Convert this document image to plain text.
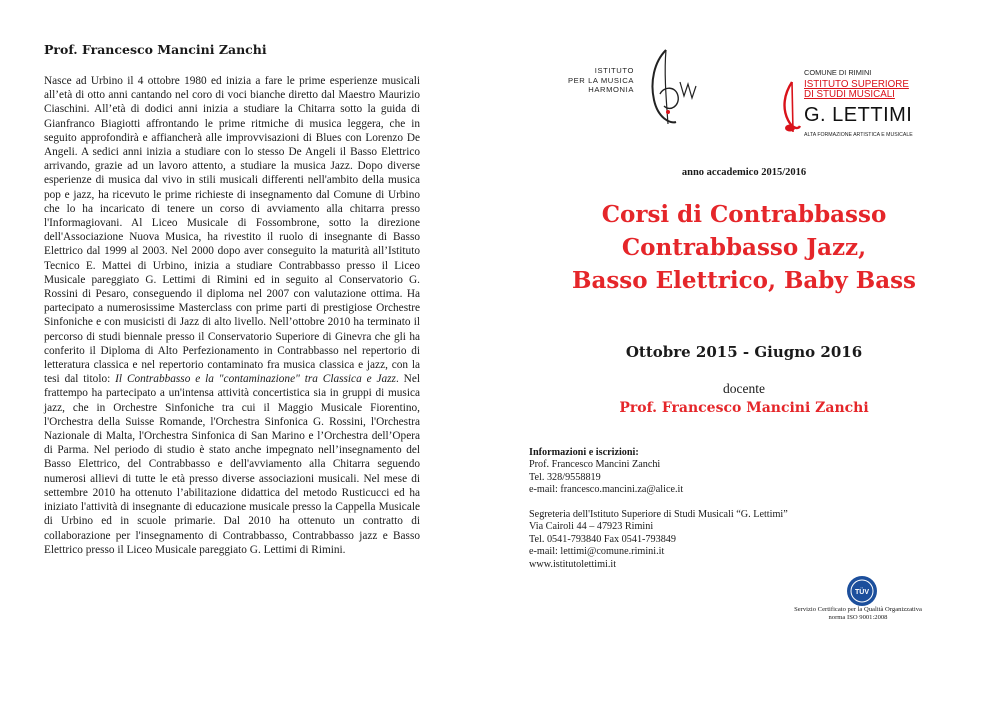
Prof. Francesco Mancini Zanchi

Nasce ad Urbino il 4 ottobre 1980 ed inizia a fare le prime esperienze musicali all’età di otto anni cantando nel coro di voci bianche diretto dal Maestro Maurizio Ciaschini. All’età di dodici anni inizia a studiare la Chitarra sotto la guida di Gianfranco Biagiotti affrontando le prime ritmiche di musica leggera, che in seguito approfondirà e affiancherà alle improvvisazioni di Blues con Lorenzo De Angeli. A sedici anni inizia a studiare con lo stesso De Angeli il Basso Elettrico arrivando, grazie ad un lavoro attento, a studiare la musica Jazz. Dopo diverse esperienze di musica dal vivo in stili musicali differenti nell'ambito della musica pop e jazz, ha ricevuto le prime richieste di insegnamento dal Comune di Urbino che lo ha incaricato di tenere un corso di avviamento alla chitarra presso l'Informagiovani. Al Liceo Musicale di Fossombrone, sotto la direzione dell'Associazione Nuova Musica, ha rivestito il ruolo di insegnante di Basso Elettrico dal 1999 al 2003. Nel 2000 dopo aver conseguito la maturità all’Istituto Tecnico E. Mattei di Urbino, inizia a studiare Contrabbasso presso il Liceo Musicale pareggiato G. Lettimi di Rimini ed in seguito al Conservatorio G. Rossini di Pesaro, conseguendo il diploma nel 2007 con valutazione ottima. Ha partecipato a numerosissime Masterclass con prime parti di prestigiose Orchestre Sinfoniche e con musicisti di Jazz di alto livello. Nell’ottobre 2010 ha terminato il percorso di studi biennale presso il Conservatorio Superiore di Ginevra che gli ha conferito il Diploma di Alto Perfezionamento in Contrabbasso nel repertorio di letteratura classica e nel repertorio contaminato fra musica classica e jazz, con la tesi dal titolo: Il Contrabbasso e la "contaminazione" tra Classica e Jazz. Nel frattempo ha partecipato a un'intensa attività concertistica sia in gruppi di musica jazz, che in Orchestre Sinfoniche tra cui il Maggio Musicale Fiorentino, l'Orchestra della Suisse Romande, l'Orchestra Sinfonica G. Rossini, l'Orchestra Nazionale di Malta, l'Orchestra Sinfonica di San Marino e l’Orchestra dell’Opera di Parma. Nel periodo di studio è stato anche impegnato nell’insegnamento del Basso Elettrico, del Contrabbasso e dell'avviamento alla Chitarra seguendo numerosi allievi di tutte le età presso diverse associazioni musicali. Nel mese di settembre 2010 ha ottenuto l’abilitazione didattica del metodo Rusticucci ed ha iniziato l'attività di insegnante di educazione musicale presso la Cappella Musicale di Urbino ed in scuole primarie. Dal 2010 ha ottenuto un contratto di collaborazione per l'insegnamento di Contrabbasso, Contrabbasso jazz e Basso Elettrico presso il Liceo Musicale pareggiato G. Lettimi di Rimini.

ISTITUTO
PER LA MUSICA
HARMONIA
COMUNE DI RIMINI
ISTITUTO SUPERIORE
DI STUDI MUSICALI
G. LETTIMI
ALTA FORMAZIONE ARTISTICA E MUSICALE
anno accademico 2015/2016
Corsi di Contrabbasso
Contrabbasso Jazz,
Basso Elettrico, Baby Bass
Ottobre 2015 - Giugno 2016
docente
Prof. Francesco Mancini Zanchi
Informazioni e iscrizioni:
Prof. Francesco Mancini Zanchi
Tel. 328/9558819
e-mail: francesco.mancini.za@alice.it
Segreteria dell'Istituto Superiore di Studi Musicali “G. Lettimi”
Via Cairoli 44 – 47923 Rimini
Tel. 0541-793840 Fax 0541-793849
e-mail: lettimi@comune.rimini.it
www.istitutolettimi.it
TÜV
Servizio Certificato per la Qualità Organizzativa
norma ISO 9001:2008
